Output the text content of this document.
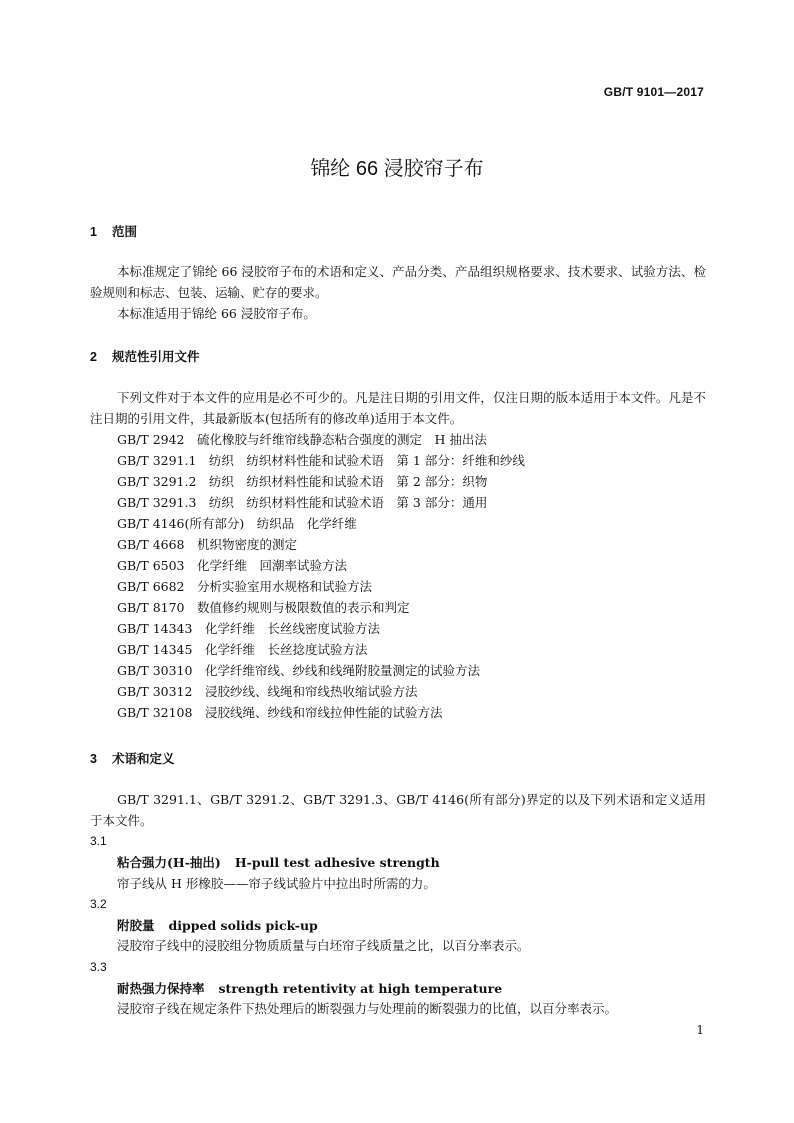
GB/T 9101—2017
锦纶 66 浸胶帘子布
1 范围
本标准规定了锦纶 66 浸胶帘子布的术语和定义、产品分类、产品组织规格要求、技术要求、试验方法、检验规则和标志、包装、运输、贮存的要求。
本标准适用于锦纶 66 浸胶帘子布。
2 规范性引用文件
下列文件对于本文件的应用是必不可少的。凡是注日期的引用文件，仅注日期的版本适用于本文件。凡是不注日期的引用文件，其最新版本(包括所有的修改单)适用于本文件。
GB/T 2942　硫化橡胶与纤维帘线静态粘合强度的测定　H 抽出法
GB/T 3291.1　纺织　纺织材料性能和试验术语　第 1 部分：纤维和纱线
GB/T 3291.2　纺织　纺织材料性能和试验术语　第 2 部分：织物
GB/T 3291.3　纺织　纺织材料性能和试验术语　第 3 部分：通用
GB/T 4146(所有部分)　纺织品　化学纤维
GB/T 4668　机织物密度的测定
GB/T 6503　化学纤维　回潮率试验方法
GB/T 6682　分析实验室用水规格和试验方法
GB/T 8170　数值修约规则与极限数值的表示和判定
GB/T 14343　化学纤维　长丝线密度试验方法
GB/T 14345　化学纤维　长丝捻度试验方法
GB/T 30310　化学纤维帘线、纱线和线绳附胶量测定的试验方法
GB/T 30312　浸胶纱线、线绳和帘线热收缩试验方法
GB/T 32108　浸胶线绳、纱线和帘线拉伸性能的试验方法
3 术语和定义
GB/T 3291.1、GB/T 3291.2、GB/T 3291.3、GB/T 4146(所有部分)界定的以及下列术语和定义适用于本文件。
3.1
粘合强力(H-抽出) H-pull test adhesive strength
帘子线从 H 形橡胶——帘子线试验片中拉出时所需的力。
3.2
附胶量 dipped solids pick-up
浸胶帘子线中的浸胶组分物质质量与白坯帘子线质量之比，以百分率表示。
3.3
耐热强力保持率 strength retentivity at high temperature
浸胶帘子线在规定条件下热处理后的断裂强力与处理前的断裂强力的比值，以百分率表示。
1
